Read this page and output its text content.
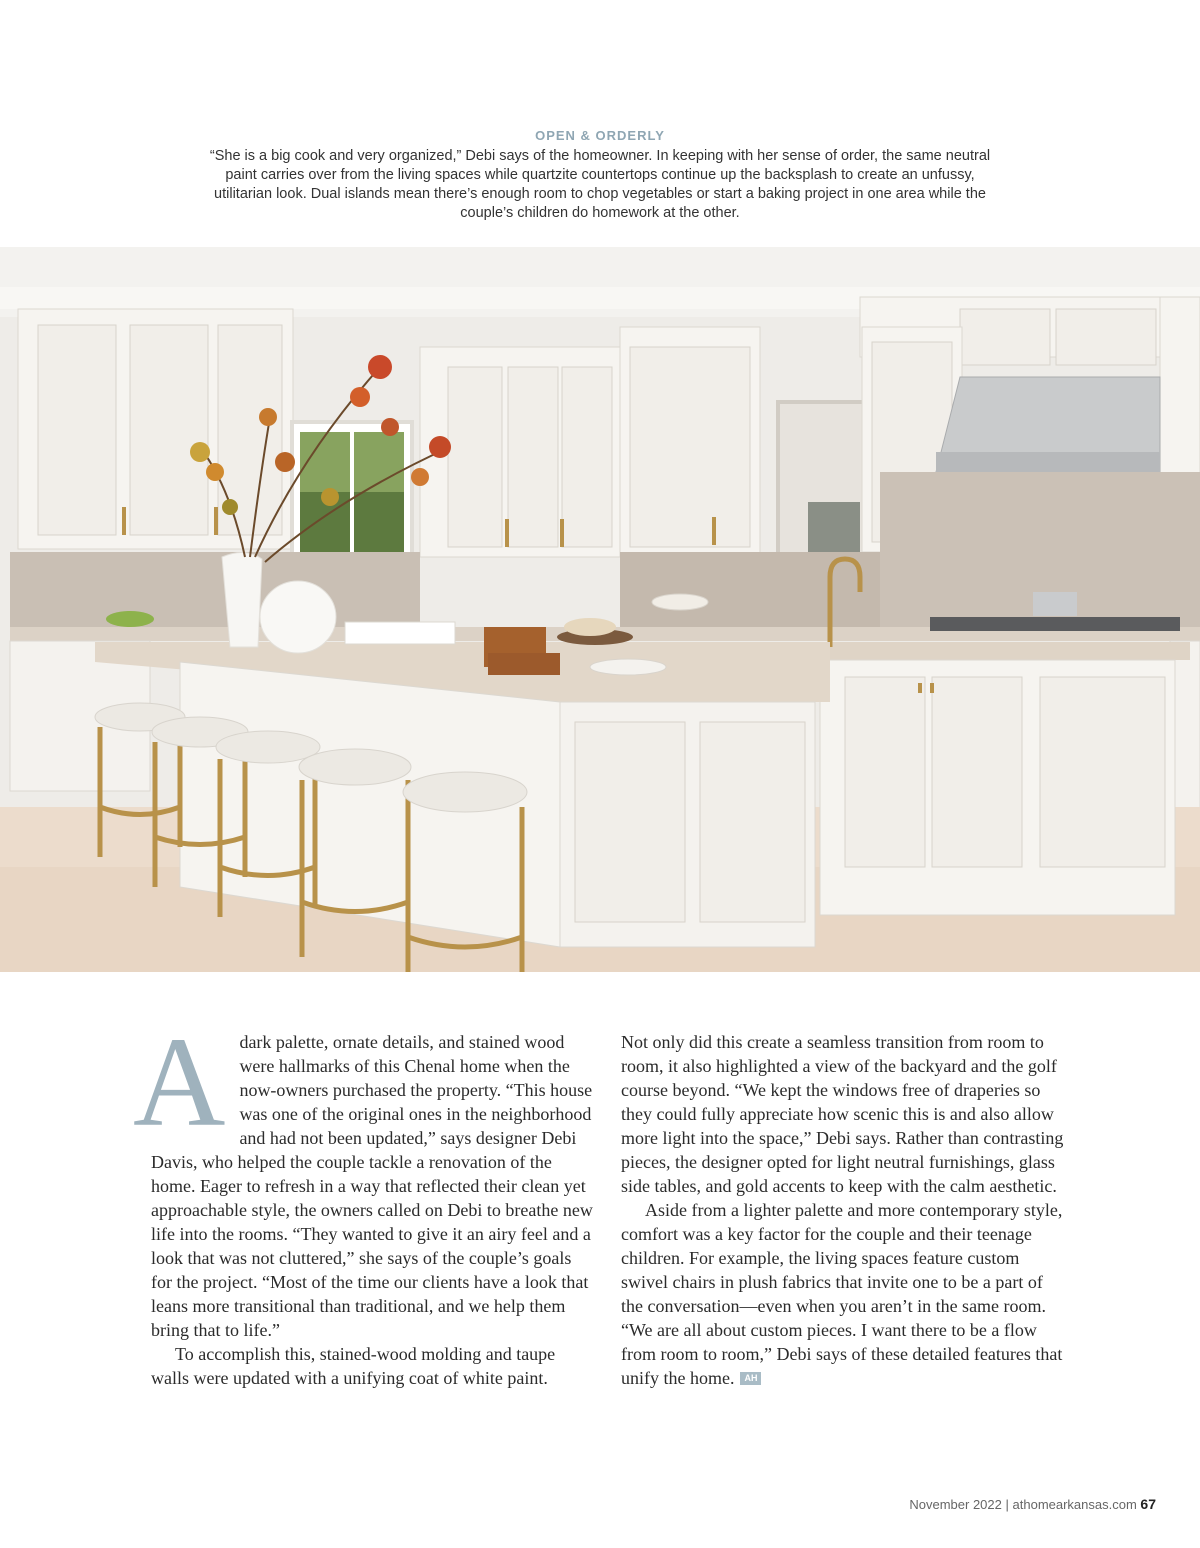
OPEN & ORDERLY
“She is a big cook and very organized,” Debi says of the homeowner. In keeping with her sense of order, the same neutral paint carries over from the living spaces while quartzite countertops continue up the backsplash to create an unfussy, utilitarian look. Dual islands mean there’s enough room to chop vegetables or start a baking project in one area while the couple’s children do homework at the other.

A dark palette, ornate details, and stained wood were hallmarks of this Chenal home when the now-owners purchased the property. “This house was one of the original ones in the neighborhood and had not been updated,” says designer Debi Davis, who helped the couple tackle a renovation of the home. Eager to refresh in a way that reflected their clean yet approachable style, the owners called on Debi to breathe new life into the rooms. “They wanted to give it an airy feel and a look that was not cluttered,” she says of the couple’s goals for the project. “Most of the time our clients have a look that leans more transitional than traditional, and we help them bring that to life.”

To accomplish this, stained-wood molding and taupe walls were updated with a unifying coat of white paint.

Not only did this create a seamless transition from room to room, it also highlighted a view of the backyard and the golf course beyond. “We kept the windows free of draperies so they could fully appreciate how scenic this is and also allow more light into the space,” Debi says. Rather than contrasting pieces, the designer opted for light neutral furnishings, glass side tables, and gold accents to keep with the calm aesthetic.

Aside from a lighter palette and more contemporary style, comfort was a key factor for the couple and their teenage children. For example, the living spaces feature custom swivel chairs in plush fabrics that invite one to be a part of the conversation—even when you aren’t in the same room. “We are all about custom pieces. I want there to be a flow from room to room,” Debi says of these detailed features that unify the home. AH

November 2022 | athomearkansas.com 67
